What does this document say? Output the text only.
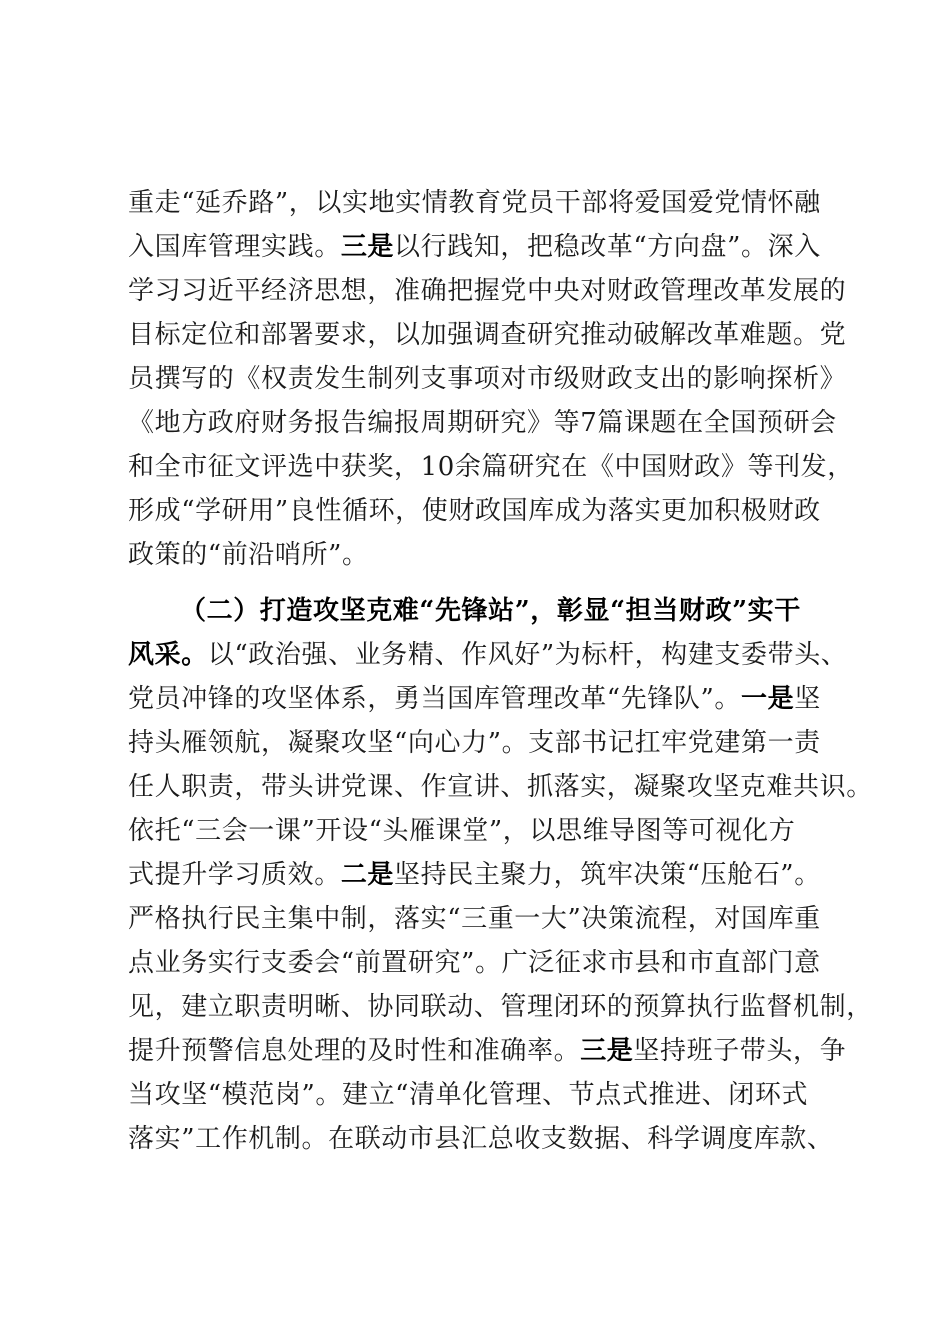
重走“延乔路”，以实地实情教育党员干部将爱国爱党情怀融
入国库管理实践。三是以行践知，把稳改革“方向盘”。深入
学习习近平经济思想，准确把握党中央对财政管理改革发展的
目标定位和部署要求，以加强调查研究推动破解改革难题。党
员撰写的《权责发生制列支事项对市级财政支出的影响探析》
《地方政府财务报告编报周期研究》等7篇课题在全国预研会
和全市征文评选中获奖，10余篇研究在《中国财政》等刊发，
形成“学研用”良性循环，使财政国库成为落实更加积极财政
政策的“前沿哨所”。
（二）打造攻坚克难“先锋站”，彰显“担当财政”实干
风采。以“政治强、业务精、作风好”为标杆，构建支委带头、
党员冲锋的攻坚体系，勇当国库管理改革“先锋队”。一是坚
持头雁领航，凝聚攻坚“向心力”。支部书记扛牢党建第一责
任人职责，带头讲党课、作宣讲、抓落实，凝聚攻坚克难共识。
依托“三会一课”开设“头雁课堂”，以思维导图等可视化方
式提升学习质效。二是坚持民主聚力，筑牢决策“压舱石”。
严格执行民主集中制，落实“三重一大”决策流程，对国库重
点业务实行支委会“前置研究”。广泛征求市县和市直部门意
见，建立职责明晰、协同联动、管理闭环的预算执行监督机制，
提升预警信息处理的及时性和准确率。三是坚持班子带头，争
当攻坚“模范岗”。建立“清单化管理、节点式推进、闭环式
落实”工作机制。在联动市县汇总收支数据、科学调度库款、
